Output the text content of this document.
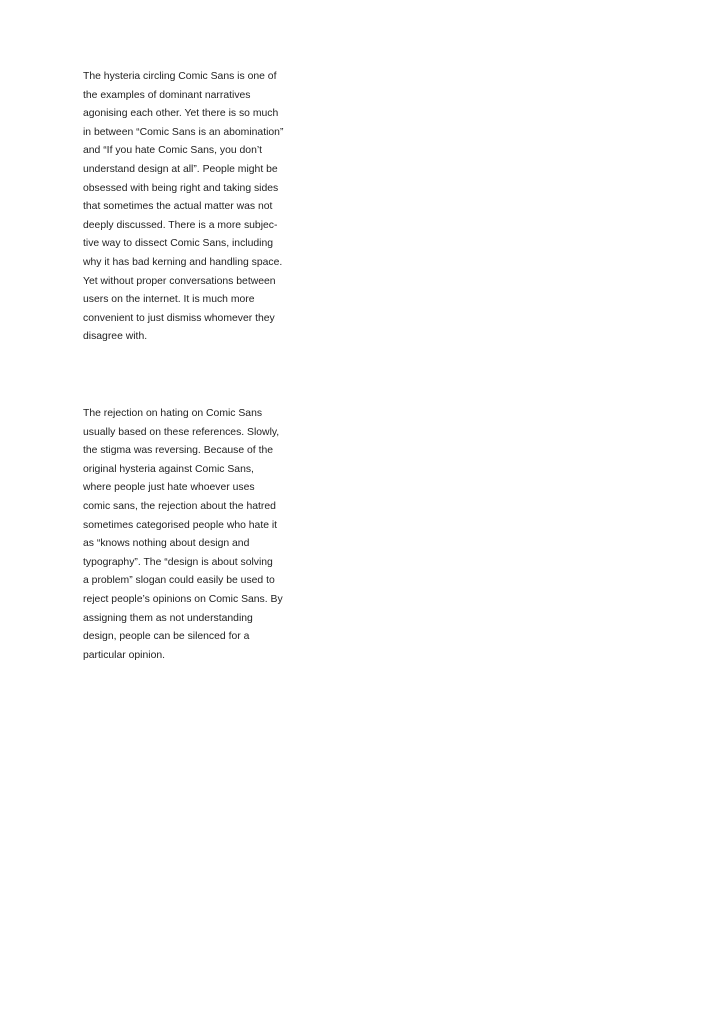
The hysteria circling Comic Sans is one of
the examples of dominant narratives
agonising each other. Yet there is so much
in between “Comic Sans is an abomination”
and “If you hate Comic Sans, you don’t
understand design at all”. People might be
obsessed with being right and taking sides
that sometimes the actual matter was not
deeply discussed. There is a more subjec-
tive way to dissect Comic Sans, including
why it has bad kerning and handling space.
Yet without proper conversations between
users on the internet. It is much more
convenient to just dismiss whomever they
disagree with.

The rejection on hating on Comic Sans
usually based on these references. Slowly,
the stigma was reversing. Because of the
original hysteria against Comic Sans,
where people just hate whoever uses
comic sans, the rejection about the hatred
sometimes categorised people who hate it
as “knows nothing about design and
typography”. The “design is about solving
a problem” slogan could easily be used to
reject people’s opinions on Comic Sans. By
assigning them as not understanding
design, people can be silenced for a
particular opinion.
